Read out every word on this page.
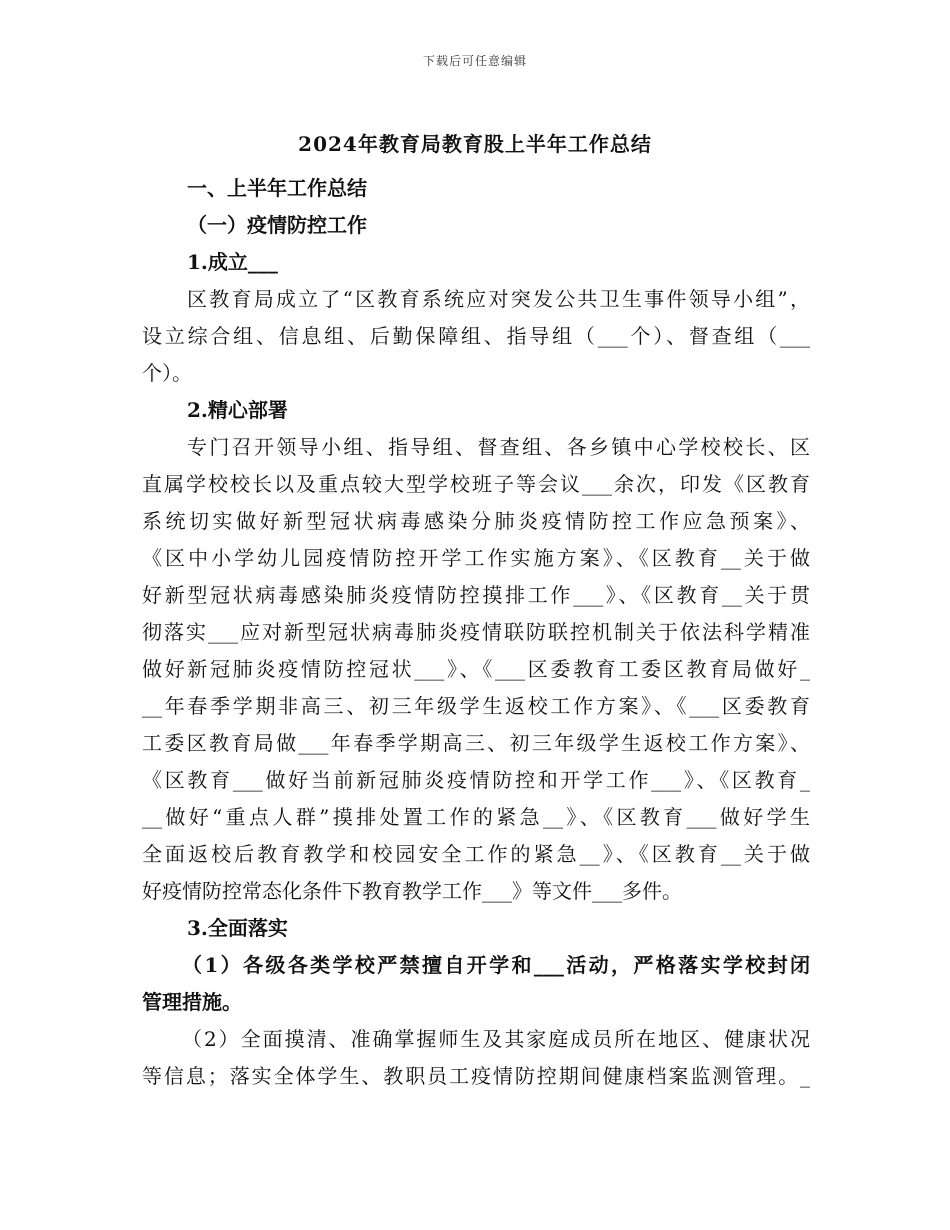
下载后可任意编辑
2024年教育局教育股上半年工作总结
一、上半年工作总结
（一）疫情防控工作
1.成立___
区教育局成立了“区教育系统应对突发公共卫生事件领导小组”，
设立综合组、信息组、后勤保障组、指导组（___个）、督查组（___
个）。
2.精心部署
专门召开领导小组、指导组、督查组、各乡镇中心学校校长、区
直属学校校长以及重点较大型学校班子等会议___余次，印发《区教育
系统切实做好新型冠状病毒感染分肺炎疫情防控工作应急预案》、
《区中小学幼儿园疫情防控开学工作实施方案》、《区教育__关于做
好新型冠状病毒感染肺炎疫情防控摸排工作___》、《区教育__关于贯
彻落实___应对新型冠状病毒肺炎疫情联防联控机制关于依法科学精准
做好新冠肺炎疫情防控冠状___》、《___区委教育工委区教育局做好_
__年春季学期非高三、初三年级学生返校工作方案》、《___区委教育
工委区教育局做___年春季学期高三、初三年级学生返校工作方案》、
《区教育___做好当前新冠肺炎疫情防控和开学工作___》、《区教育_
__做好“重点人群”摸排处置工作的紧急__》、《区教育___做好学生
全面返校后教育教学和校园安全工作的紧急__》、《区教育__关于做
好疫情防控常态化条件下教育教学工作___》等文件___多件。
3.全面落实
（1）各级各类学校严禁擅自开学和___活动，严格落实学校封闭
管理措施。
（2）全面摸清、准确掌握师生及其家庭成员所在地区、健康状况
等信息；落实全体学生、教职员工疫情防控期间健康档案监测管理。_
